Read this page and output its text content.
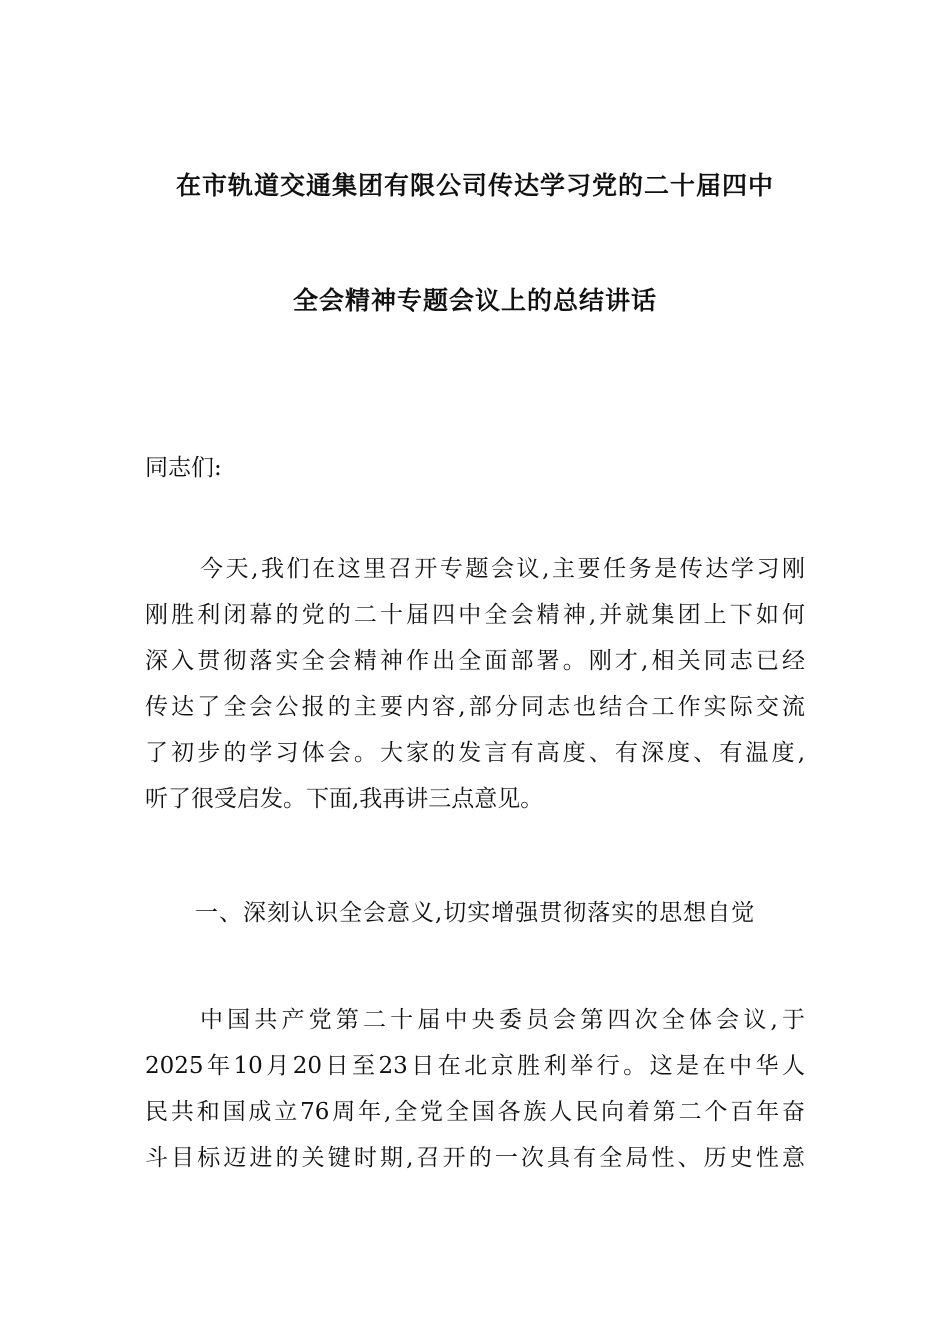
在市轨道交通集团有限公司传达学习党的二十届四中
全会精神专题会议上的总结讲话
同志们:
今天,我们在这里召开专题会议,主要任务是传达学习刚
刚胜利闭幕的党的二十届四中全会精神,并就集团上下如何
深入贯彻落实全会精神作出全面部署。刚才,相关同志已经
传达了全会公报的主要内容,部分同志也结合工作实际交流
了初步的学习体会。大家的发言有高度、有深度、有温度,
听了很受启发。下面,我再讲三点意见。
一、深刻认识全会意义,切实增强贯彻落实的思想自觉
中国共产党第二十届中央委员会第四次全体会议,于
2025年10月20日至23日在北京胜利举行。这是在中华人
民共和国成立76周年,全党全国各族人民向着第二个百年奋
斗目标迈进的关键时期,召开的一次具有全局性、历史性意
